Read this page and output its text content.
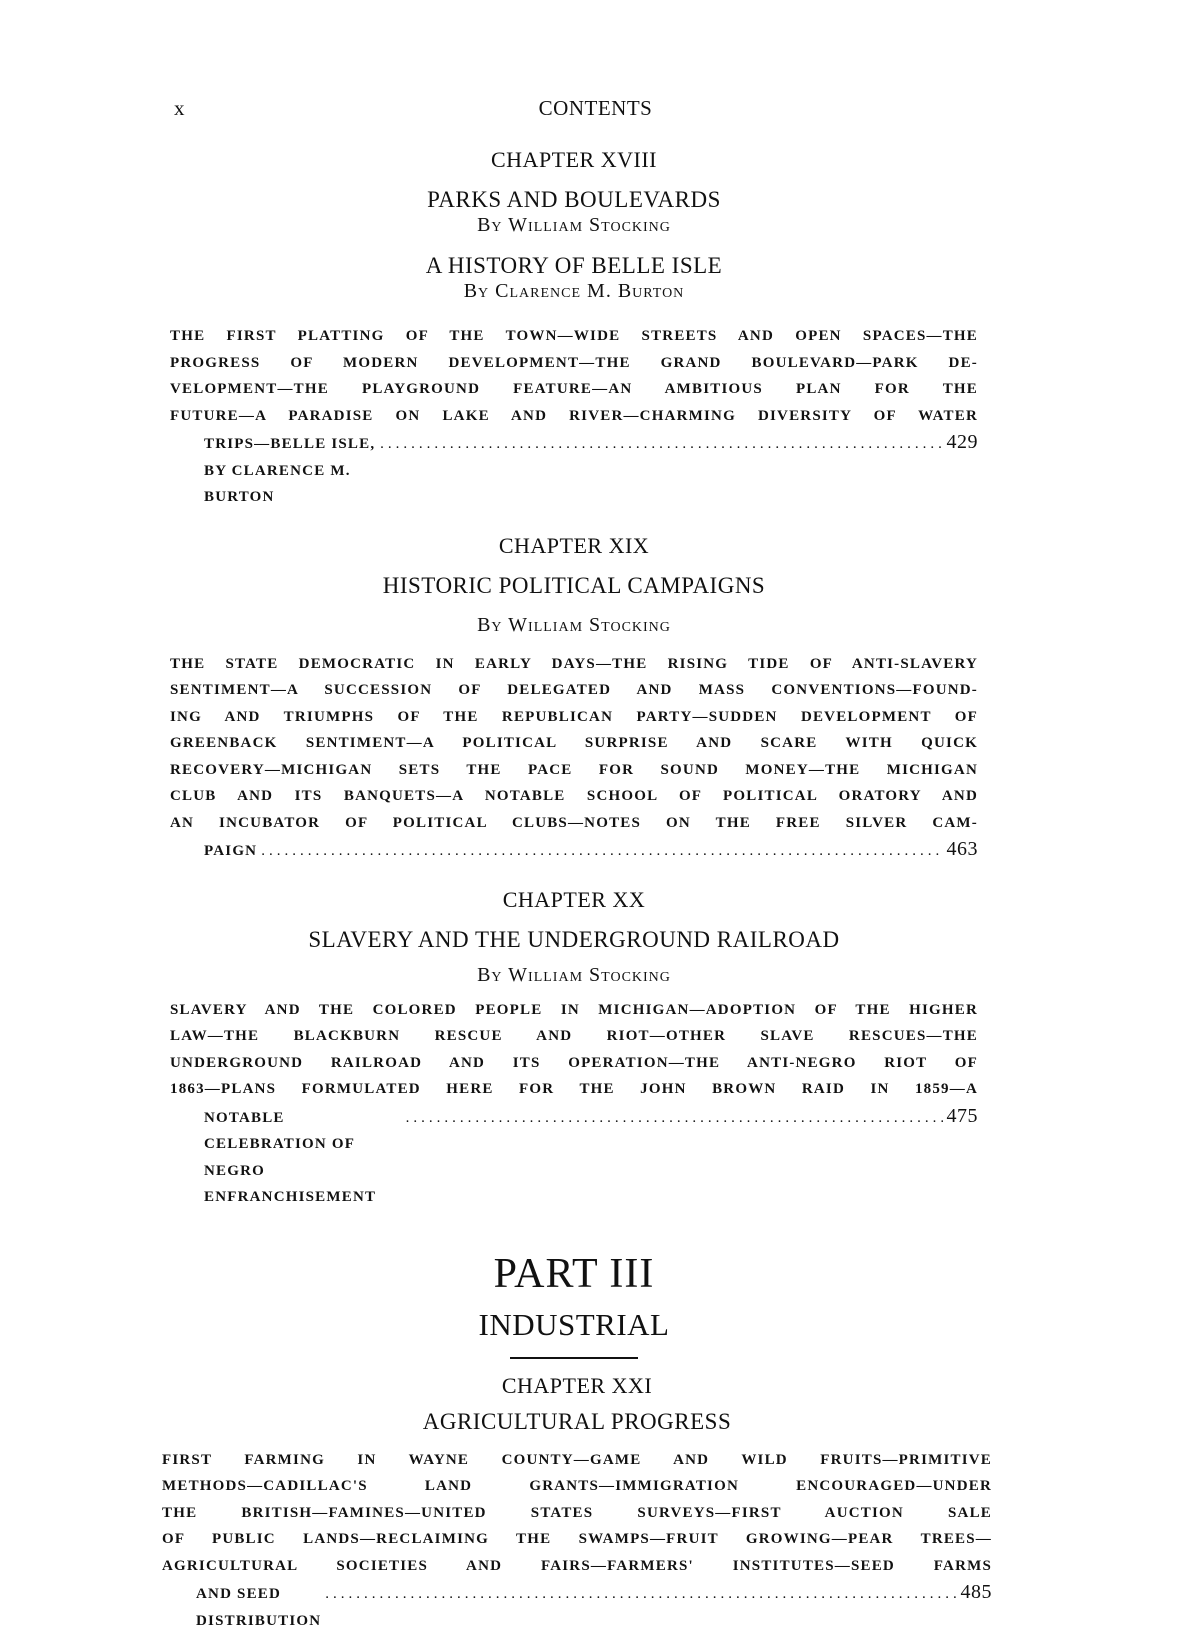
x	CONTENTS
CHAPTER XVIII
PARKS AND BOULEVARDS
By William Stocking
A HISTORY OF BELLE ISLE
By Clarence M. Burton
THE FIRST PLATTING OF THE TOWN—WIDE STREETS AND OPEN SPACES—THE
PROGRESS OF MODERN DEVELOPMENT—THE GRAND BOULEVARD—PARK DE-
VELOPMENT—THE PLAYGROUND FEATURE—AN AMBITIOUS PLAN FOR THE
FUTURE—A PARADISE ON LAKE AND RIVER—CHARMING DIVERSITY OF WATER
TRIPS—BELLE ISLE, BY CLARENCE M. BURTON
.....
429
CHAPTER XIX
HISTORIC POLITICAL CAMPAIGNS
By William Stocking
THE STATE DEMOCRATIC IN EARLY DAYS—THE RISING TIDE OF ANTI-SLAVERY
SENTIMENT—A SUCCESSION OF DELEGATED AND MASS CONVENTIONS—FOUND-
ING AND TRIUMPHS OF THE REPUBLICAN PARTY—SUDDEN DEVELOPMENT OF
GREENBACK SENTIMENT—A POLITICAL SURPRISE AND SCARE WITH QUICK
RECOVERY—MICHIGAN SETS THE PACE FOR SOUND MONEY—THE MICHIGAN
CLUB AND ITS BANQUETS—A NOTABLE SCHOOL OF POLITICAL ORATORY AND
AN INCUBATOR OF POLITICAL CLUBS—NOTES ON THE FREE SILVER CAM-
PAIGN
.....	463
CHAPTER XX
SLAVERY AND THE UNDERGROUND RAILROAD
By William Stocking
SLAVERY AND THE COLORED PEOPLE IN MICHIGAN—ADOPTION OF THE HIGHER
LAW—THE BLACKBURN RESCUE AND RIOT—OTHER SLAVE RESCUES—THE
UNDERGROUND RAILROAD AND ITS OPERATION—THE ANTI-NEGRO RIOT OF
1863—PLANS FORMULATED HERE FOR THE JOHN BROWN RAID IN 1859—A
NOTABLE CELEBRATION OF NEGRO ENFRANCHISEMENT
.....
475
PART III
INDUSTRIAL
CHAPTER XXI
AGRICULTURAL PROGRESS
FIRST FARMING IN WAYNE COUNTY—GAME AND WILD FRUITS—PRIMITIVE
METHODS—CADILLAC'S LAND GRANTS—IMMIGRATION ENCOURAGED—UNDER
THE BRITISH—FAMINES—UNITED STATES SURVEYS—FIRST AUCTION SALE
OF PUBLIC LANDS—RECLAIMING THE SWAMPS—FRUIT GROWING—PEAR TREES—
AGRICULTURAL SOCIETIES AND FAIRS—FARMERS' INSTITUTES—SEED FARMS
AND SEED DISTRIBUTION
.....
485
